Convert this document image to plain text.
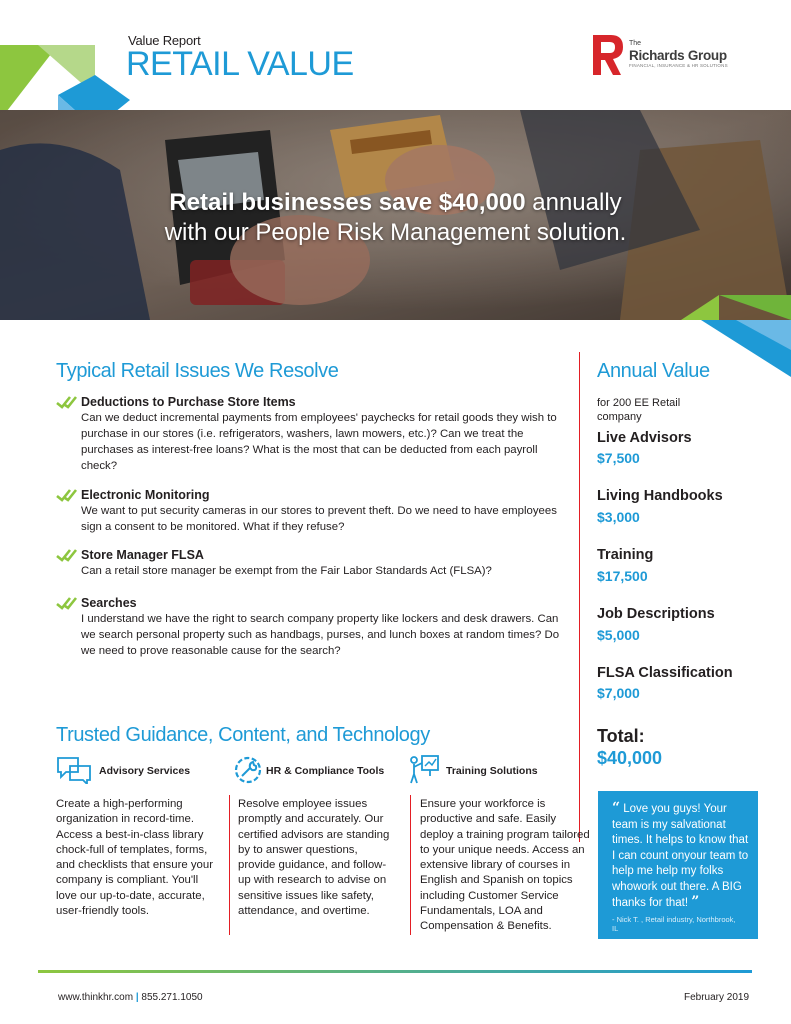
Value Report
RETAIL VALUE
The
Richards Group
FINANCIAL, INSURANCE & HR SOLUTIONS
Retail businesses save $40,000 annually
with our People Risk Management solution.
Typical Retail Issues We Resolve
Deductions to Purchase Store Items
Can we deduct incremental payments from employees' paychecks for retail goods they wish to purchase in our stores (i.e. refrigerators, washers, lawn mowers, etc.)? Can we treat the purchases as interest-free loans? What is the most that can be deducted from each payroll check?
Electronic Monitoring
We want to put security cameras in our stores to prevent theft. Do we need to have employees sign a consent to be monitored. What if they refuse?
Store Manager FLSA
Can a retail store manager be exempt from the Fair Labor Standards Act (FLSA)?
Searches
I understand we have the right to search company property like lockers and desk drawers. Can we search personal property such as handbags, purses, and lunch boxes at random times? Do we need to prove reasonable cause for the search?
Annual Value
for 200 EE Retail company
Live Advisors
$7,500
Living Handbooks
$3,000
Training
$17,500
Job Descriptions
$5,000
FLSA Classification
$7,000
Total:
$40,000
“ Love you guys! Your team is my salvationat times. It helps to know that I can count onyour team to help me help my folks whowork out there. A BIG thanks for that! ”
- Nick T. , Retail industry, Northbrook, IL
Trusted Guidance, Content, and Technology
Advisory Services
Create a high-performing organization in record-time. Access a best-in-class library chock-full of templates, forms, and checklists that ensure your company is compliant. You'll love our up-to-date, accurate, user-friendly tools.
HR & Compliance Tools
Resolve employee issues promptly and accurately. Our certified advisors are standing by to answer questions, provide guidance, and follow-up with research to advise on sensitive issues like safety, attendance, and overtime.
Training Solutions
Ensure your workforce is productive and safe. Easily deploy a training program tailored to your unique needs. Access an extensive library of courses in English and Spanish on topics including Customer Service Fundamentals, LOA and Compensation & Benefits.
www.thinkhr.com | 855.271.1050	February 2019
